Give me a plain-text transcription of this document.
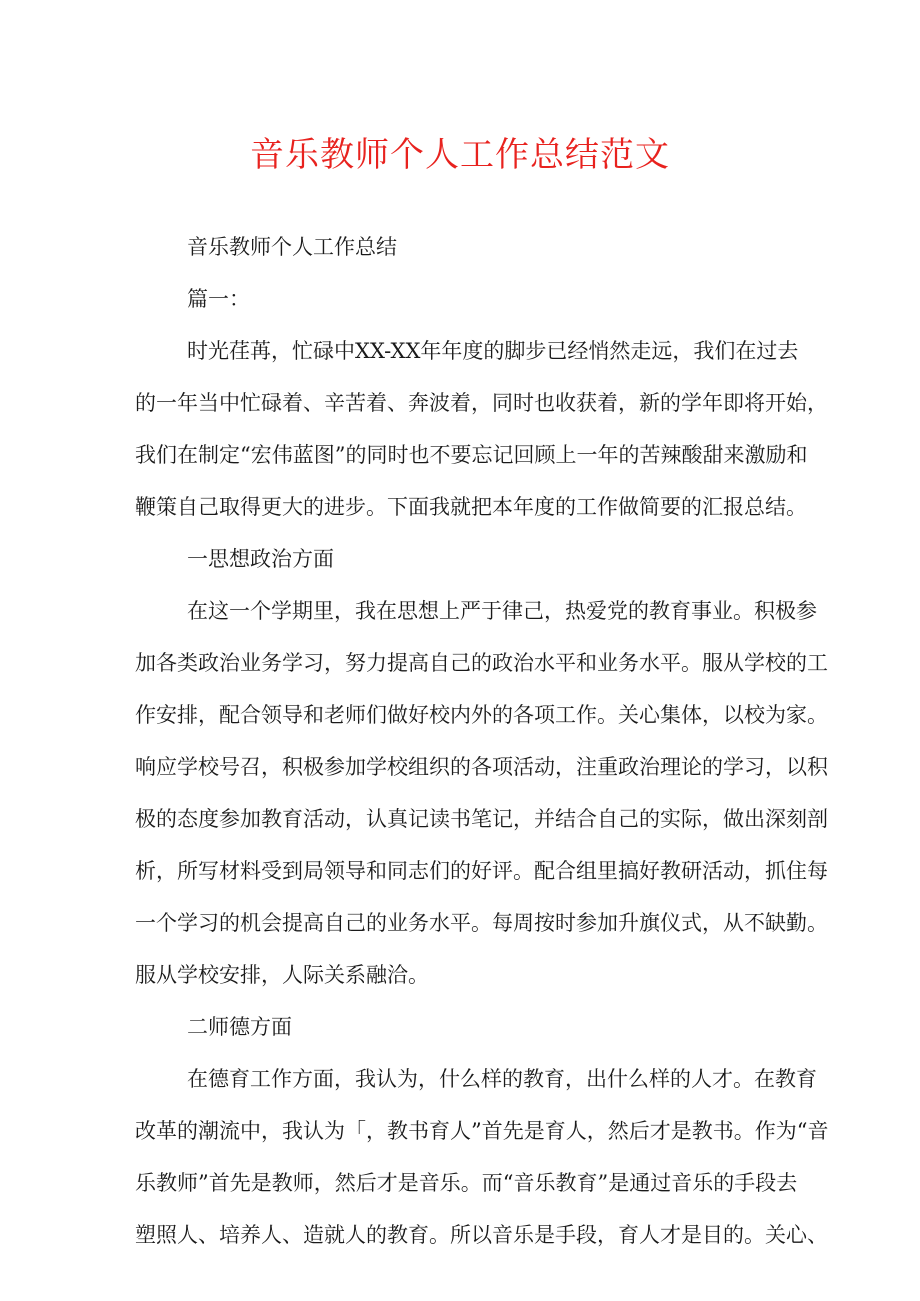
音乐教师个人工作总结范文

音乐教师个人工作总结

篇一：

时光荏苒，忙碌中XX-XX年年度的脚步已经悄然走远，我们在过去

的一年当中忙碌着、辛苦着、奔波着，同时也收获着，新的学年即将开始，

我们在制定“宏伟蓝图”的同时也不要忘记回顾上一年的苦辣酸甜来激励和

鞭策自己取得更大的进步。下面我就把本年度的工作做简要的汇报总结。

一思想政治方面

在这一个学期里，我在思想上严于律己，热爱党的教育事业。积极参

加各类政治业务学习，努力提高自己的政治水平和业务水平。服从学校的工

作安排，配合领导和老师们做好校内外的各项工作。关心集体，以校为家。

响应学校号召，积极参加学校组织的各项活动，注重政治理论的学习，以积

极的态度参加教育活动，认真记读书笔记，并结合自己的实际，做出深刻剖

析，所写材料受到局领导和同志们的好评。配合组里搞好教研活动，抓住每

一个学习的机会提高自己的业务水平。每周按时参加升旗仪式，从不缺勤。

服从学校安排，人际关系融洽。

二师德方面

在德育工作方面，我认为，什么样的教育，出什么样的人才。在教育

改革的潮流中，我认为「，教书育人”首先是育人，然后才是教书。作为“音

乐教师”首先是教师，然后才是音乐。而“音乐教育”是通过音乐的手段去

塑照人、培养人、造就人的教育。所以音乐是手段，育人才是目的。关心、
